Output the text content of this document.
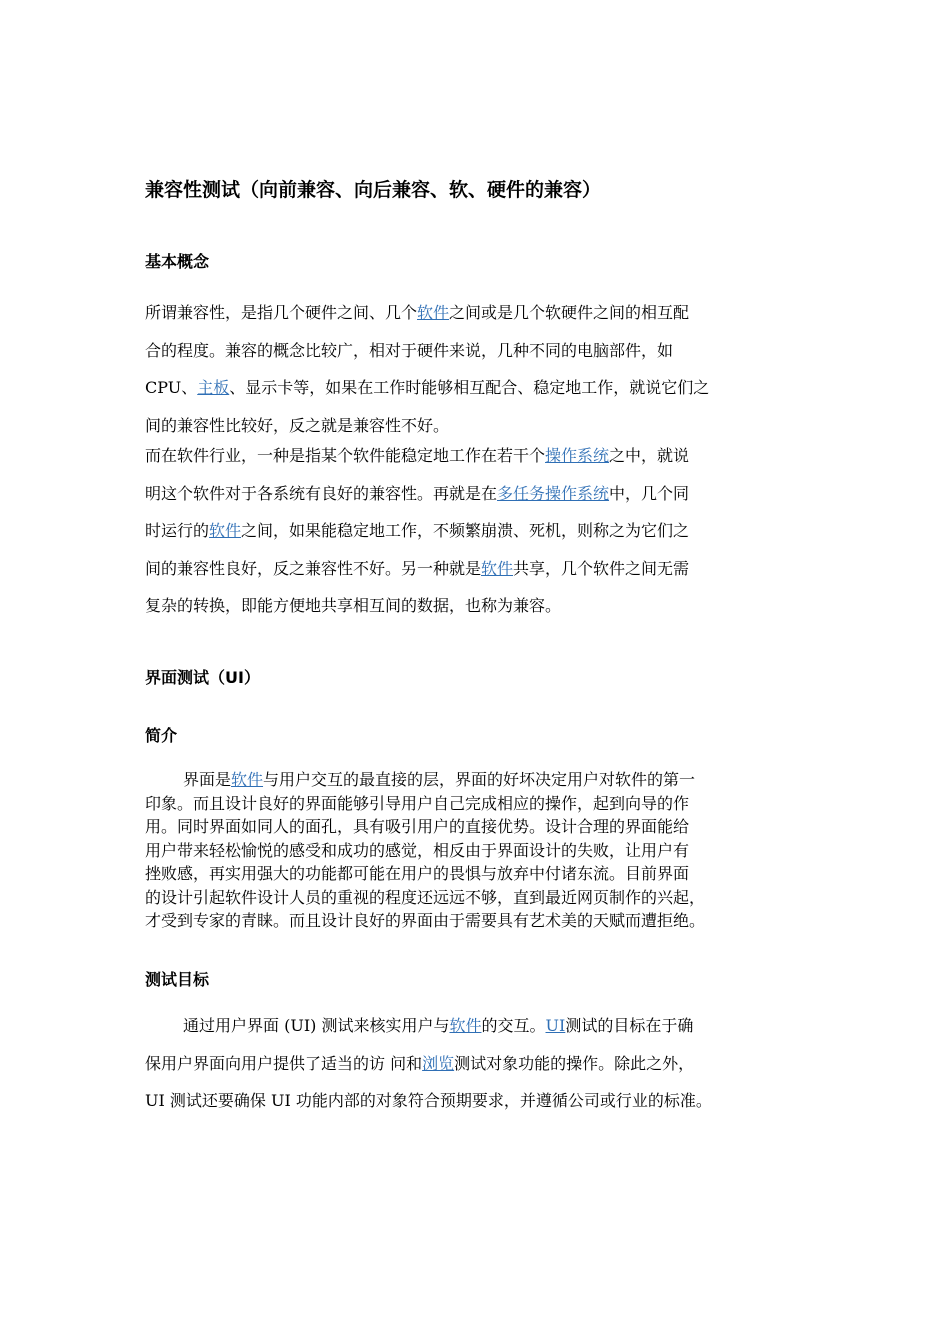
兼容性测试（向前兼容、向后兼容、软、硬件的兼容）
基本概念
所谓兼容性，是指几个硬件之间、几个软件之间或是几个软硬件之间的相互配
合的程度。兼容的概念比较广，相对于硬件来说，几种不同的电脑部件，如
CPU、主板、显示卡等，如果在工作时能够相互配合、稳定地工作，就说它们之
间的兼容性比较好，反之就是兼容性不好。
而在软件行业，一种是指某个软件能稳定地工作在若干个操作系统之中，就说
明这个软件对于各系统有良好的兼容性。再就是在多任务操作系统中，几个同
时运行的软件之间，如果能稳定地工作，不频繁崩溃、死机，则称之为它们之
间的兼容性良好，反之兼容性不好。另一种就是软件共享，几个软件之间无需
复杂的转换，即能方便地共享相互间的数据，也称为兼容。
界面测试（UI）
简介
界面是软件与用户交互的最直接的层，界面的好坏决定用户对软件的第一
印象。而且设计良好的界面能够引导用户自己完成相应的操作，起到向导的作
用。同时界面如同人的面孔，具有吸引用户的直接优势。设计合理的界面能给
用户带来轻松愉悦的感受和成功的感觉，相反由于界面设计的失败，让用户有
挫败感，再实用强大的功能都可能在用户的畏惧与放弃中付诸东流。目前界面
的设计引起软件设计人员的重视的程度还远远不够，直到最近网页制作的兴起，
才受到专家的青睐。而且设计良好的界面由于需要具有艺术美的天赋而遭拒绝。
测试目标
通过用户界面 (UI) 测试来核实用户与软件的交互。UI测试的目标在于确
保用户界面向用户提供了适当的访 问和浏览测试对象功能的操作。除此之外，
UI 测试还要确保 UI 功能内部的对象符合预期要求，并遵循公司或行业的标准。
